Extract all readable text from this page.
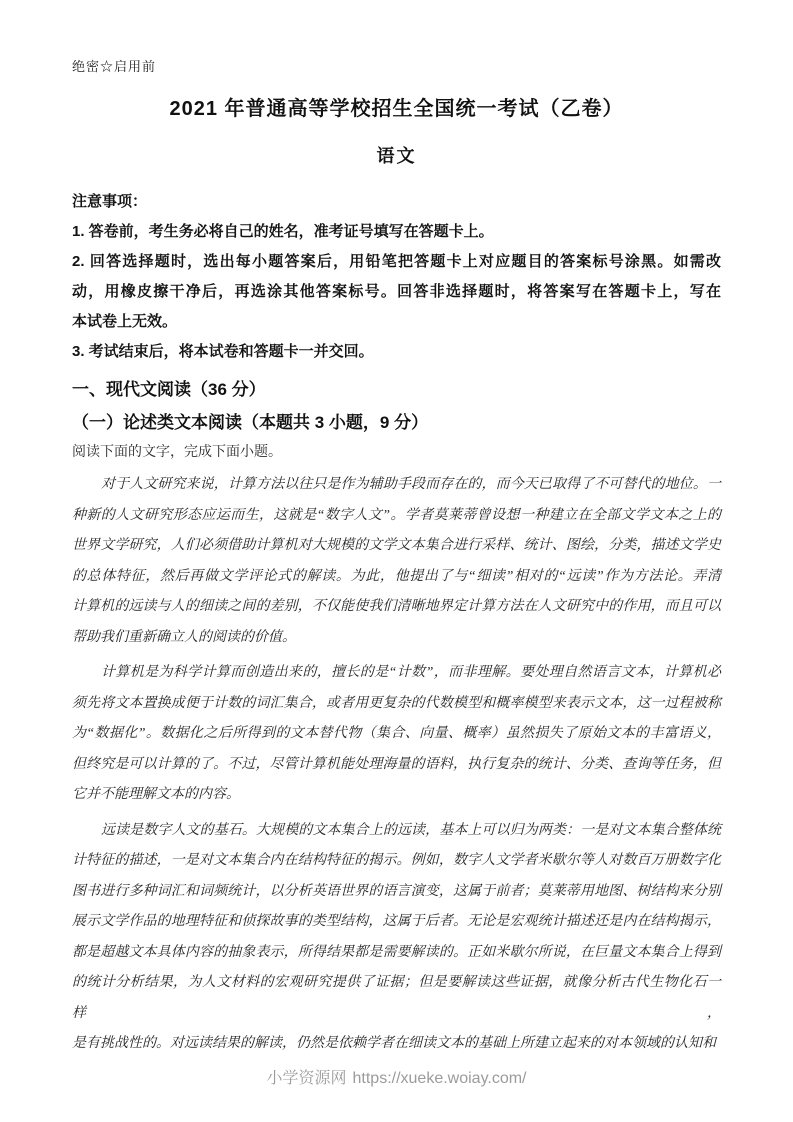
绝密☆启用前
2021 年普通高等学校招生全国统一考试（乙卷）
语文
注意事项：
1. 答卷前，考生务必将自己的姓名，准考证号填写在答题卡上。
2. 回答选择题时，选出每小题答案后，用铅笔把答题卡上对应题目的答案标号涂黑。如需改
动，用橡皮擦干净后，再选涂其他答案标号。回答非选择题时，将答案写在答题卡上，写在
本试卷上无效。
3. 考试结束后，将本试卷和答题卡一并交回。
一、现代文阅读（36 分）
（一）论述类文本阅读（本题共 3 小题，9 分）
阅读下面的文字，完成下面小题。
对于人文研究来说，计算方法以往只是作为辅助手段而存在的，而今天已取得了不可替代的地位。一
种新的人文研究形态应运而生，这就是“数字人文”。学者莫莱蒂曾设想一种建立在全部文学文本之上的
世界文学研究，人们必须借助计算机对大规模的文学文本集合进行采样、统计、图绘，分类，描述文学史
的总体特征，然后再做文学评论式的解读。为此，他提出了与“细读”相对的“远读”作为方法论。弄清
计算机的远读与人的细读之间的差别，不仅能使我们清晰地界定计算方法在人文研究中的作用，而且可以
帮助我们重新确立人的阅读的价值。
计算机是为科学计算而创造出来的，擅长的是“计数”，而非理解。要处理自然语言文本，计算机必
须先将文本置换成便于计数的词汇集合，或者用更复杂的代数模型和概率模型来表示文本，这一过程被称
为“数据化”。数据化之后所得到的文本替代物（集合、向量、概率）虽然损失了原始文本的丰富语义，
但终究是可以计算的了。不过，尽管计算机能处理海量的语料，执行复杂的统计、分类、查询等任务，但
它并不能理解文本的内容。
远读是数字人文的基石。大规模的文本集合上的远读，基本上可以归为两类：一是对文本集合整体统
计特征的描述，一是对文本集合内在结构特征的揭示。例如，数字人文学者米歇尔等人对数百万册数字化
图书进行多种词汇和词频统计，以分析英语世界的语言演变，这属于前者；莫莱蒂用地图、树结构来分别
展示文学作品的地理特征和侦探故事的类型结构，这属于后者。无论是宏观统计描述还是内在结构揭示，
都是超越文本具体内容的抽象表示，所得结果都是需要解读的。正如米歇尔所说，在巨量文本集合上得到
的统计分析结果，为人文材料的宏观研究提供了证据；但是要解读这些证据，就像分析古代生物化石一样，
是有挑战性的。对远读结果的解读，仍然是依赖学者在细读文本的基础上所建立起来的对本领域的认知和
小学资源网 https://xueke.woiay.com/
